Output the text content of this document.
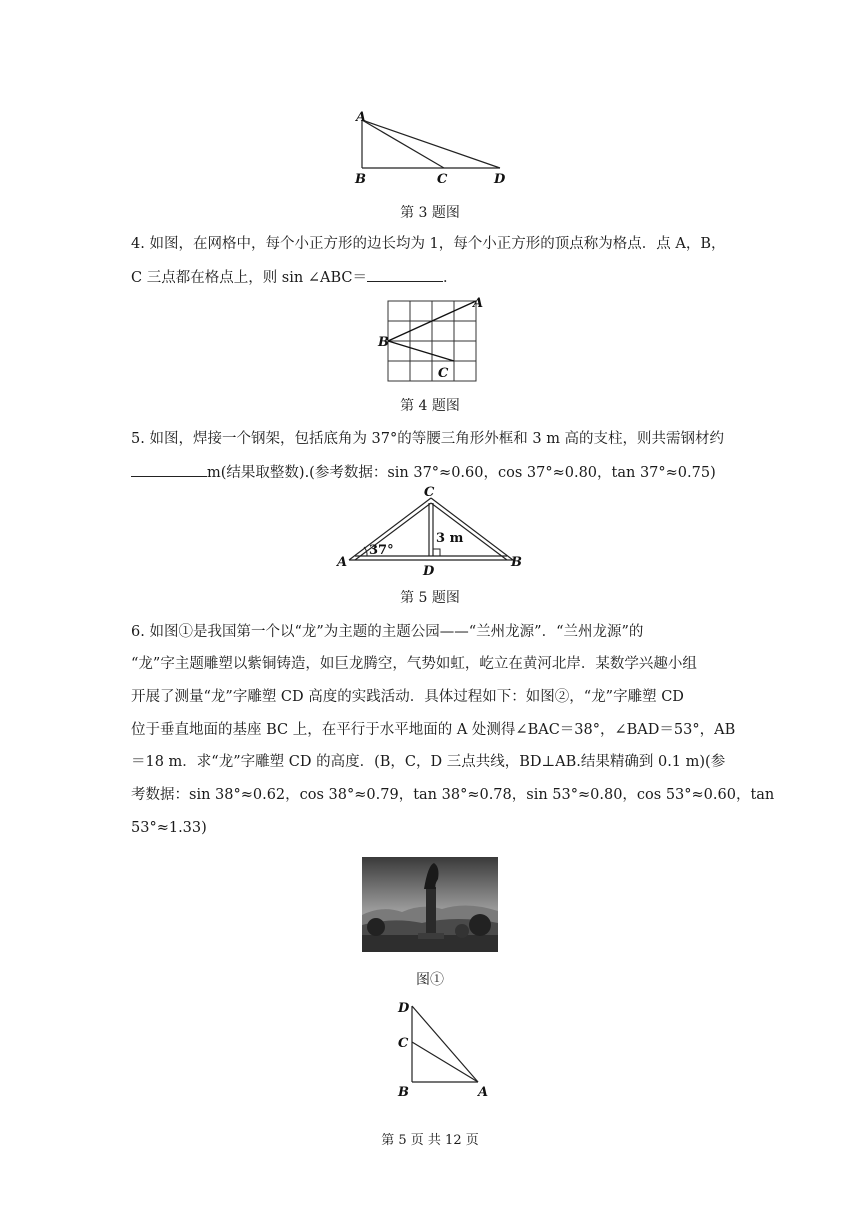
A
B	C	D
第 3 题图
4. 如图，在网格中，每个小正方形的边长均为 1，每个小正方形的顶点称为格点．点 A，B，
C 三点都在格点上，则 sin ∠ABC＝	．
A
B
C
第 4 题图
5. 如图，焊接一个钢架，包括底角为 37°的等腰三角形外框和 3 m 高的支柱，则共需钢材约
m(结果取整数).(参考数据：sin 37°≈0.60，cos 37°≈0.80，tan 37°≈0.75)
A	B
C
D
37°
3 m
第 5 题图
6. 如图①是我国第一个以“龙”为主题的主题公园——“兰州龙源”．“兰州龙源”的
“龙”字主题雕塑以紫铜铸造，如巨龙腾空，气势如虹，屹立在黄河北岸．某数学兴趣小组
开展了测量“龙”字雕塑 CD 高度的实践活动．具体过程如下：如图②，“龙”字雕塑 CD
位于垂直地面的基座 BC 上，在平行于水平地面的 A 处测得∠BAC＝38°，∠BAD＝53°，AB
＝18 m．求“龙”字雕塑 CD 的高度．(B，C，D 三点共线，BD⊥AB.结果精确到 0.1 m)(参
考数据：sin 38°≈0.62，cos 38°≈0.79，tan 38°≈0.78，sin 53°≈0.80，cos 53°≈0.60，tan
53°≈1.33)
图①
D
C
B	A
第 5 页 共 12 页
